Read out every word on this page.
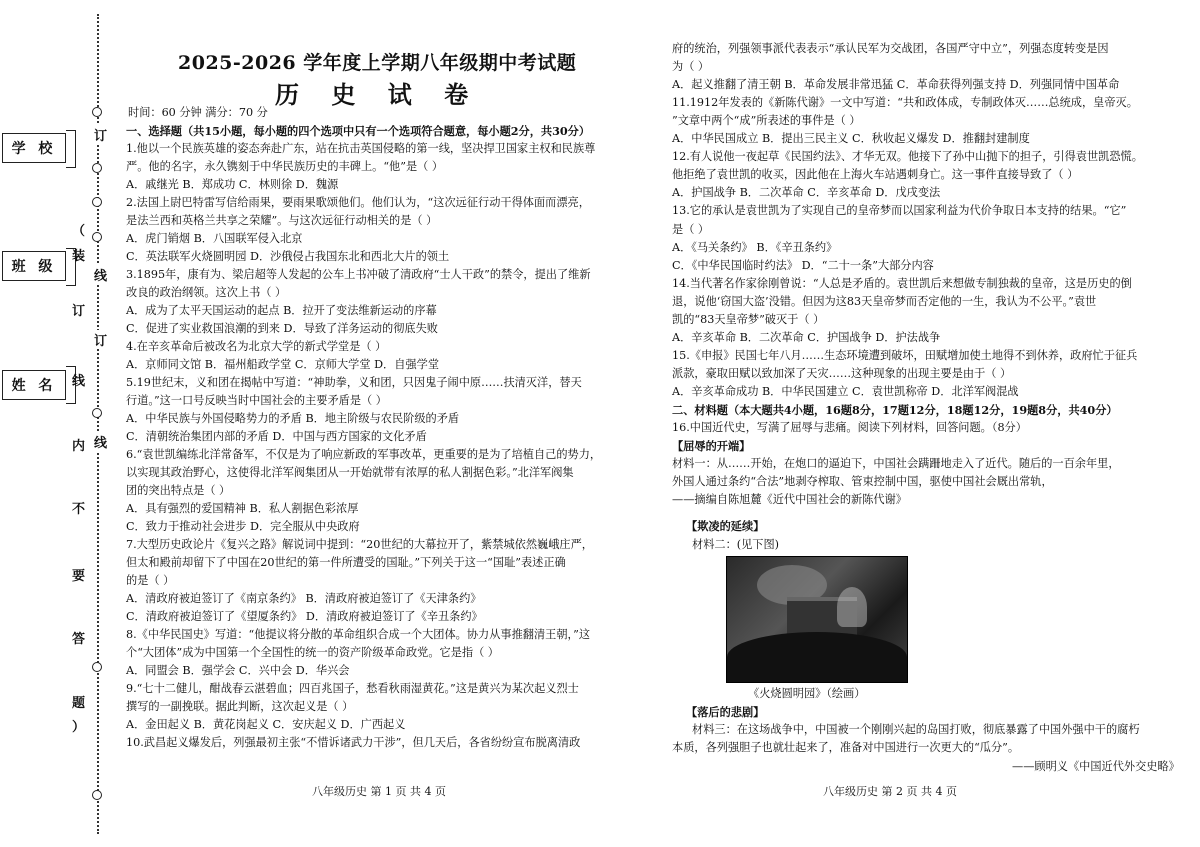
学 校
班 级
姓 名
（
装
订
线
内
不
要
答
题
）
订
线
订
线
2025-2026 学年度上学期八年级期中考试题
历 史 试 卷
时间：60 分钟 满分：70 分
一、选择题（共15小题，每小题的四个选项中只有一个选项符合题意，每小题2分，共30分）
1.他以一个民族英雄的姿态奔赴广东，站在抗击英国侵略的第一线，坚决捍卫国家主权和民族尊
严。他的名字，永久镌刻于中华民族历史的丰碑上。“他”是（ ）
A．戚继光 B．郑成功 C．林则徐 D．魏源
2.法国上尉巴特雷写信给雨果，要雨果歌颂他们。他们认为，“这次远征行动干得体面而漂亮，
是法兰西和英格兰共享之荣耀”。与这次远征行动相关的是（ ）
A．虎门销烟 B．八国联军侵入北京
C．英法联军火烧圆明园 D．沙俄侵占我国东北和西北大片的领土
3.1895年，康有为、梁启超等人发起的公车上书冲破了清政府“士人干政”的禁令，提出了维新
改良的政治纲领。这次上书（ ）
A．成为了太平天国运动的起点 B．拉开了变法维新运动的序幕
C．促进了实业救国浪潮的到来 D．导致了洋务运动的彻底失败
4.在辛亥革命后被改名为北京大学的新式学堂是（ ）
A．京师同文馆 B．福州船政学堂 C．京师大学堂 D．自强学堂
5.19世纪末，义和团在揭帖中写道：“神助拳，义和团，只因鬼子闹中原……扶清灭洋，替天
行道。”这一口号反映当时中国社会的主要矛盾是（ ）
A．中华民族与外国侵略势力的矛盾 B．地主阶级与农民阶级的矛盾
C．清朝统治集团内部的矛盾 D．中国与西方国家的文化矛盾
6.“袁世凯编练北洋常备军，不仅是为了响应新政的军事改革，更重要的是为了培植自己的势力，
以实现其政治野心，这使得北洋军阀集团从一开始就带有浓厚的私人割据色彩。”北洋军阀集
团的突出特点是（ ）
A．具有强烈的爱国精神 B．私人割据色彩浓厚
C．致力于推动社会进步 D．完全服从中央政府
7.大型历史政论片《复兴之路》解说词中提到：“20世纪的大幕拉开了，紫禁城依然巍峨庄严，
但太和殿前却留下了中国在20世纪的第一件所遭受的国耻。”下列关于这一“国耻”表述正确
的是（ ）
A．清政府被迫签订了《南京条约》 B．清政府被迫签订了《天津条约》
C．清政府被迫签订了《望厦条约》 D．清政府被迫签订了《辛丑条约》
8.《中华民国史》写道：“他提议将分散的革命组织合成一个大团体。协力从事推翻清王朝，”这
个“大团体”成为中国第一个全国性的统一的资产阶级革命政党。它是指（ ）
A．同盟会 B．强学会 C．兴中会 D．华兴会
9.“七十二健儿，酣战春云湛碧血；四百兆国子，愁看秋雨湿黄花。”这是黄兴为某次起义烈士
撰写的一副挽联。据此判断，这次起义是（ ）
A．金田起义 B．黄花岗起义 C．安庆起义 D．广西起义
10.武昌起义爆发后，列强最初主张“不惜诉诸武力干涉”，但几天后，各省纷纷宣布脱离清政
府的统治，列强领事派代表表示“承认民军为交战团，各国严守中立”，列强态度转变是因
为（ ）
A．起义推翻了清王朝 B．革命发展非常迅猛 C．革命获得列强支持 D．列强同情中国革命
11.1912年发表的《新陈代谢》一文中写道：“共和政体成，专制政体灭……总统成，皇帝灭。
”文章中两个“成”所表述的事件是（ ）
A．中华民国成立 B．提出三民主义 C．秋收起义爆发 D．推翻封建制度
12.有人说他一夜起草《民国约法》、才华无双。他接下了孙中山抛下的担子，引得袁世凯恐慌。
他拒绝了袁世凯的收买，因此他在上海火车站遇刺身亡。这一事件直接导致了（ ）
A．护国战争 B．二次革命 C．辛亥革命 D．戊戌变法
13.它的承认是袁世凯为了实现自己的皇帝梦而以国家利益为代价争取日本支持的结果。“它”
是（ ）
A．《马关条约》 B．《辛丑条约》
C．《中华民国临时约法》 D．“二十一条”大部分内容
14.当代著名作家徐刚曾说：“人总是矛盾的。袁世凯后来想做专制独裁的皇帝，这是历史的倒
退，说他‘窃国大盗’没错。但因为这83天皇帝梦而否定他的一生，我认为不公平。”袁世
凯的“83天皇帝梦”破灭于（ ）
A．辛亥革命 B．二次革命 C．护国战争 D．护法战争
15.《申报》民国七年八月……生态环境遭到破坏，田赋增加使土地得不到休养，政府忙于征兵
派款，豪取田赋以致加深了天灾……这种现象的出现主要是由于（ ）
A．辛亥革命成功 B．中华民国建立 C．袁世凯称帝 D．北洋军阀混战
二、材料题（本大题共4小题，16题8分，17题12分，18题12分，19题8分，共40分）
16.中国近代史，写满了屈辱与悲痛。阅读下列材料，回答问题。（8分）
【屈辱的开端】
材料一：从……开始，在炮口的逼迫下，中国社会蹒跚地走入了近代。随后的一百余年里，
外国人通过条约“合法”地剥夺榨取、管束控制中国，驱使中国社会厩出常轨，
——摘编自陈旭麓《近代中国社会的新陈代谢》
【欺凌的延续】
材料二：(见下图)
《火烧圆明园》（绘画）
【落后的悲剧】
材料三：在这场战争中，中国被一个刚刚兴起的岛国打败，彻底暴露了中国外强中干的腐朽
本质，各列强胆子也就壮起来了，准备对中国进行一次更大的“瓜分”。
——顾明义《中国近代外交史略》
八年级历史 第 1 页 共 4 页	八年级历史 第 2 页 共 4 页
